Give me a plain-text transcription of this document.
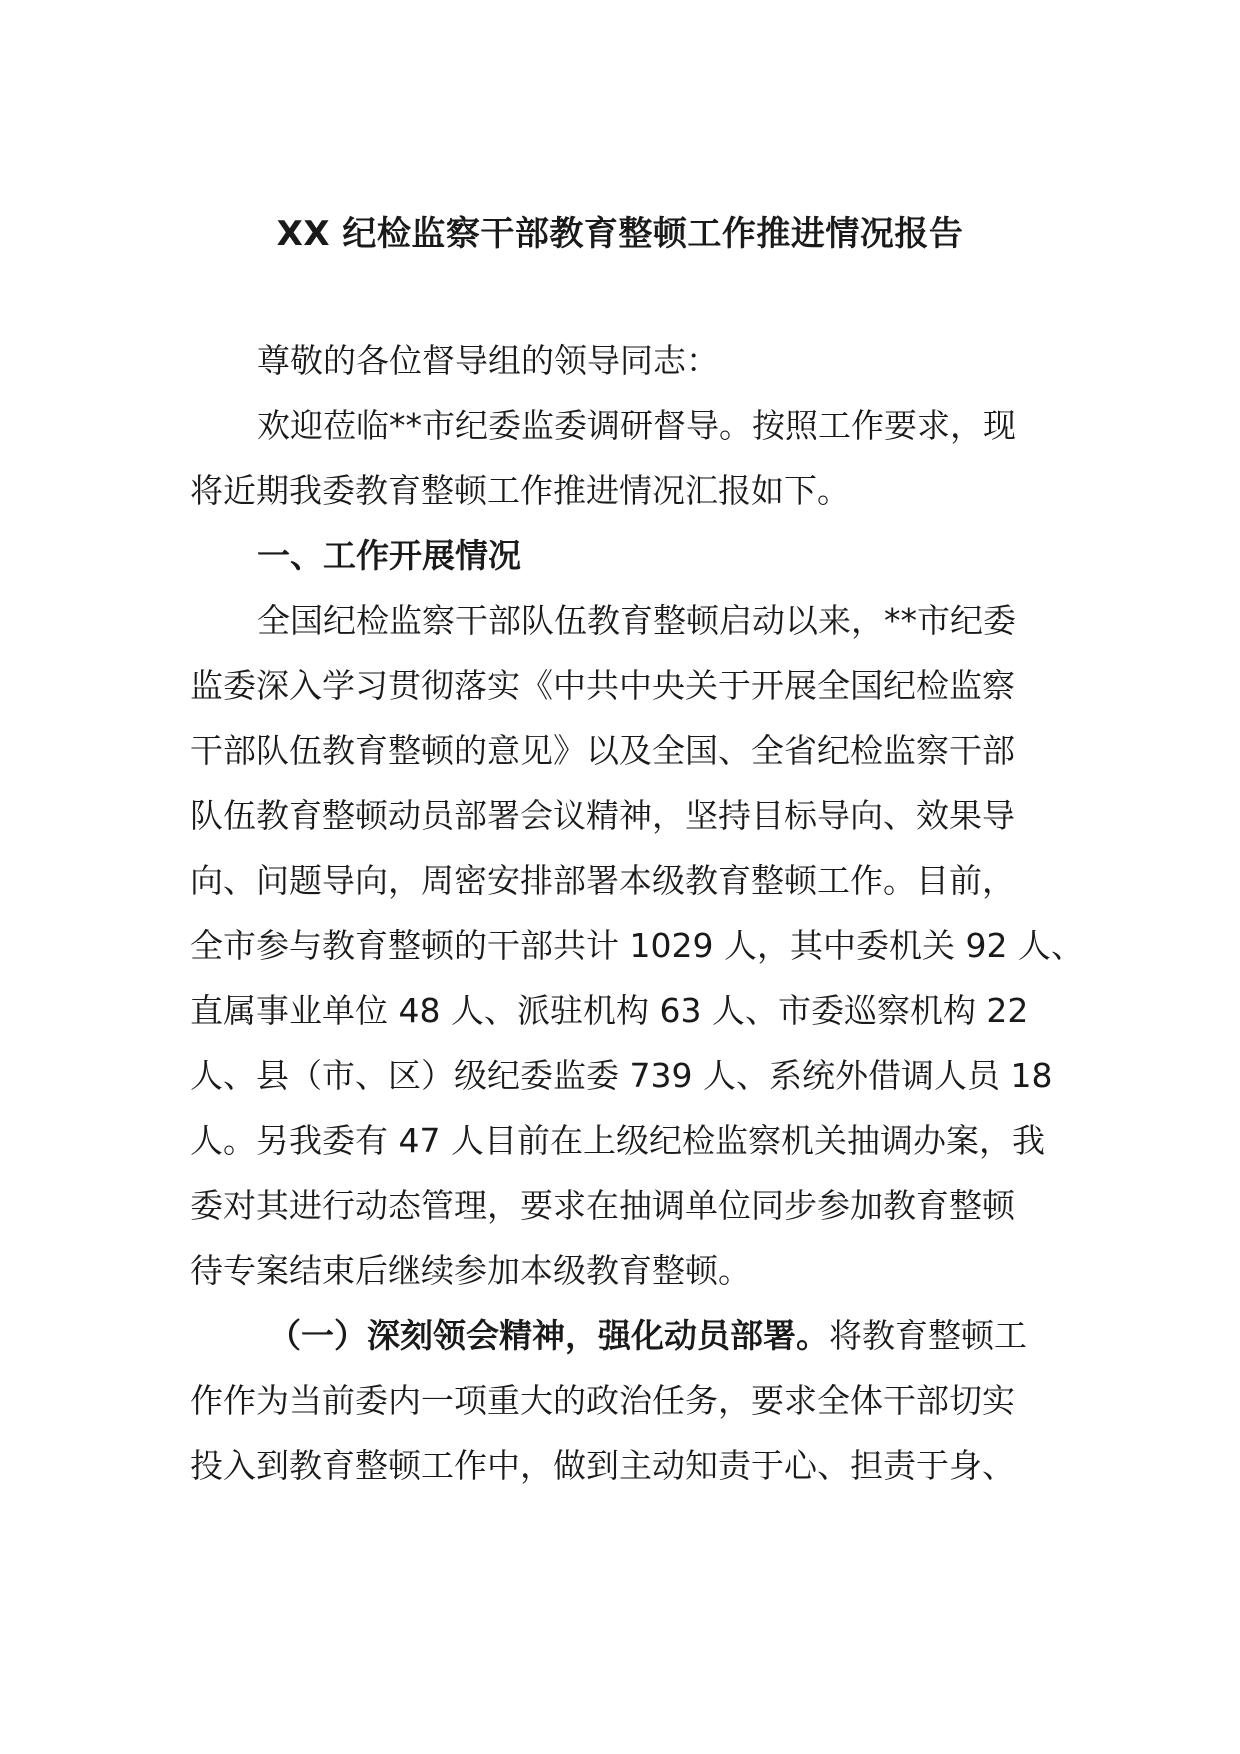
XX 纪检监察干部教育整顿工作推进情况报告
尊敬的各位督导组的领导同志：
欢迎莅临**市纪委监委调研督导。按照工作要求，现
将近期我委教育整顿工作推进情况汇报如下。
一、工作开展情况
全国纪检监察干部队伍教育整顿启动以来，**市纪委
监委深入学习贯彻落实《中共中央关于开展全国纪检监察
干部队伍教育整顿的意见》以及全国、全省纪检监察干部
队伍教育整顿动员部署会议精神，坚持目标导向、效果导
向、问题导向，周密安排部署本级教育整顿工作。目前，
全市参与教育整顿的干部共计 1029 人，其中委机关 92 人、
直属事业单位 48 人、派驻机构 63 人、市委巡察机构 22
人、县（市、区）级纪委监委 739 人、系统外借调人员 18
人。另我委有 47 人目前在上级纪检监察机关抽调办案，我
委对其进行动态管理，要求在抽调单位同步参加教育整顿
待专案结束后继续参加本级教育整顿。
（一）深刻领会精神，强化动员部署。将教育整顿工
作作为当前委内一项重大的政治任务，要求全体干部切实
投入到教育整顿工作中，做到主动知责于心、担责于身、
